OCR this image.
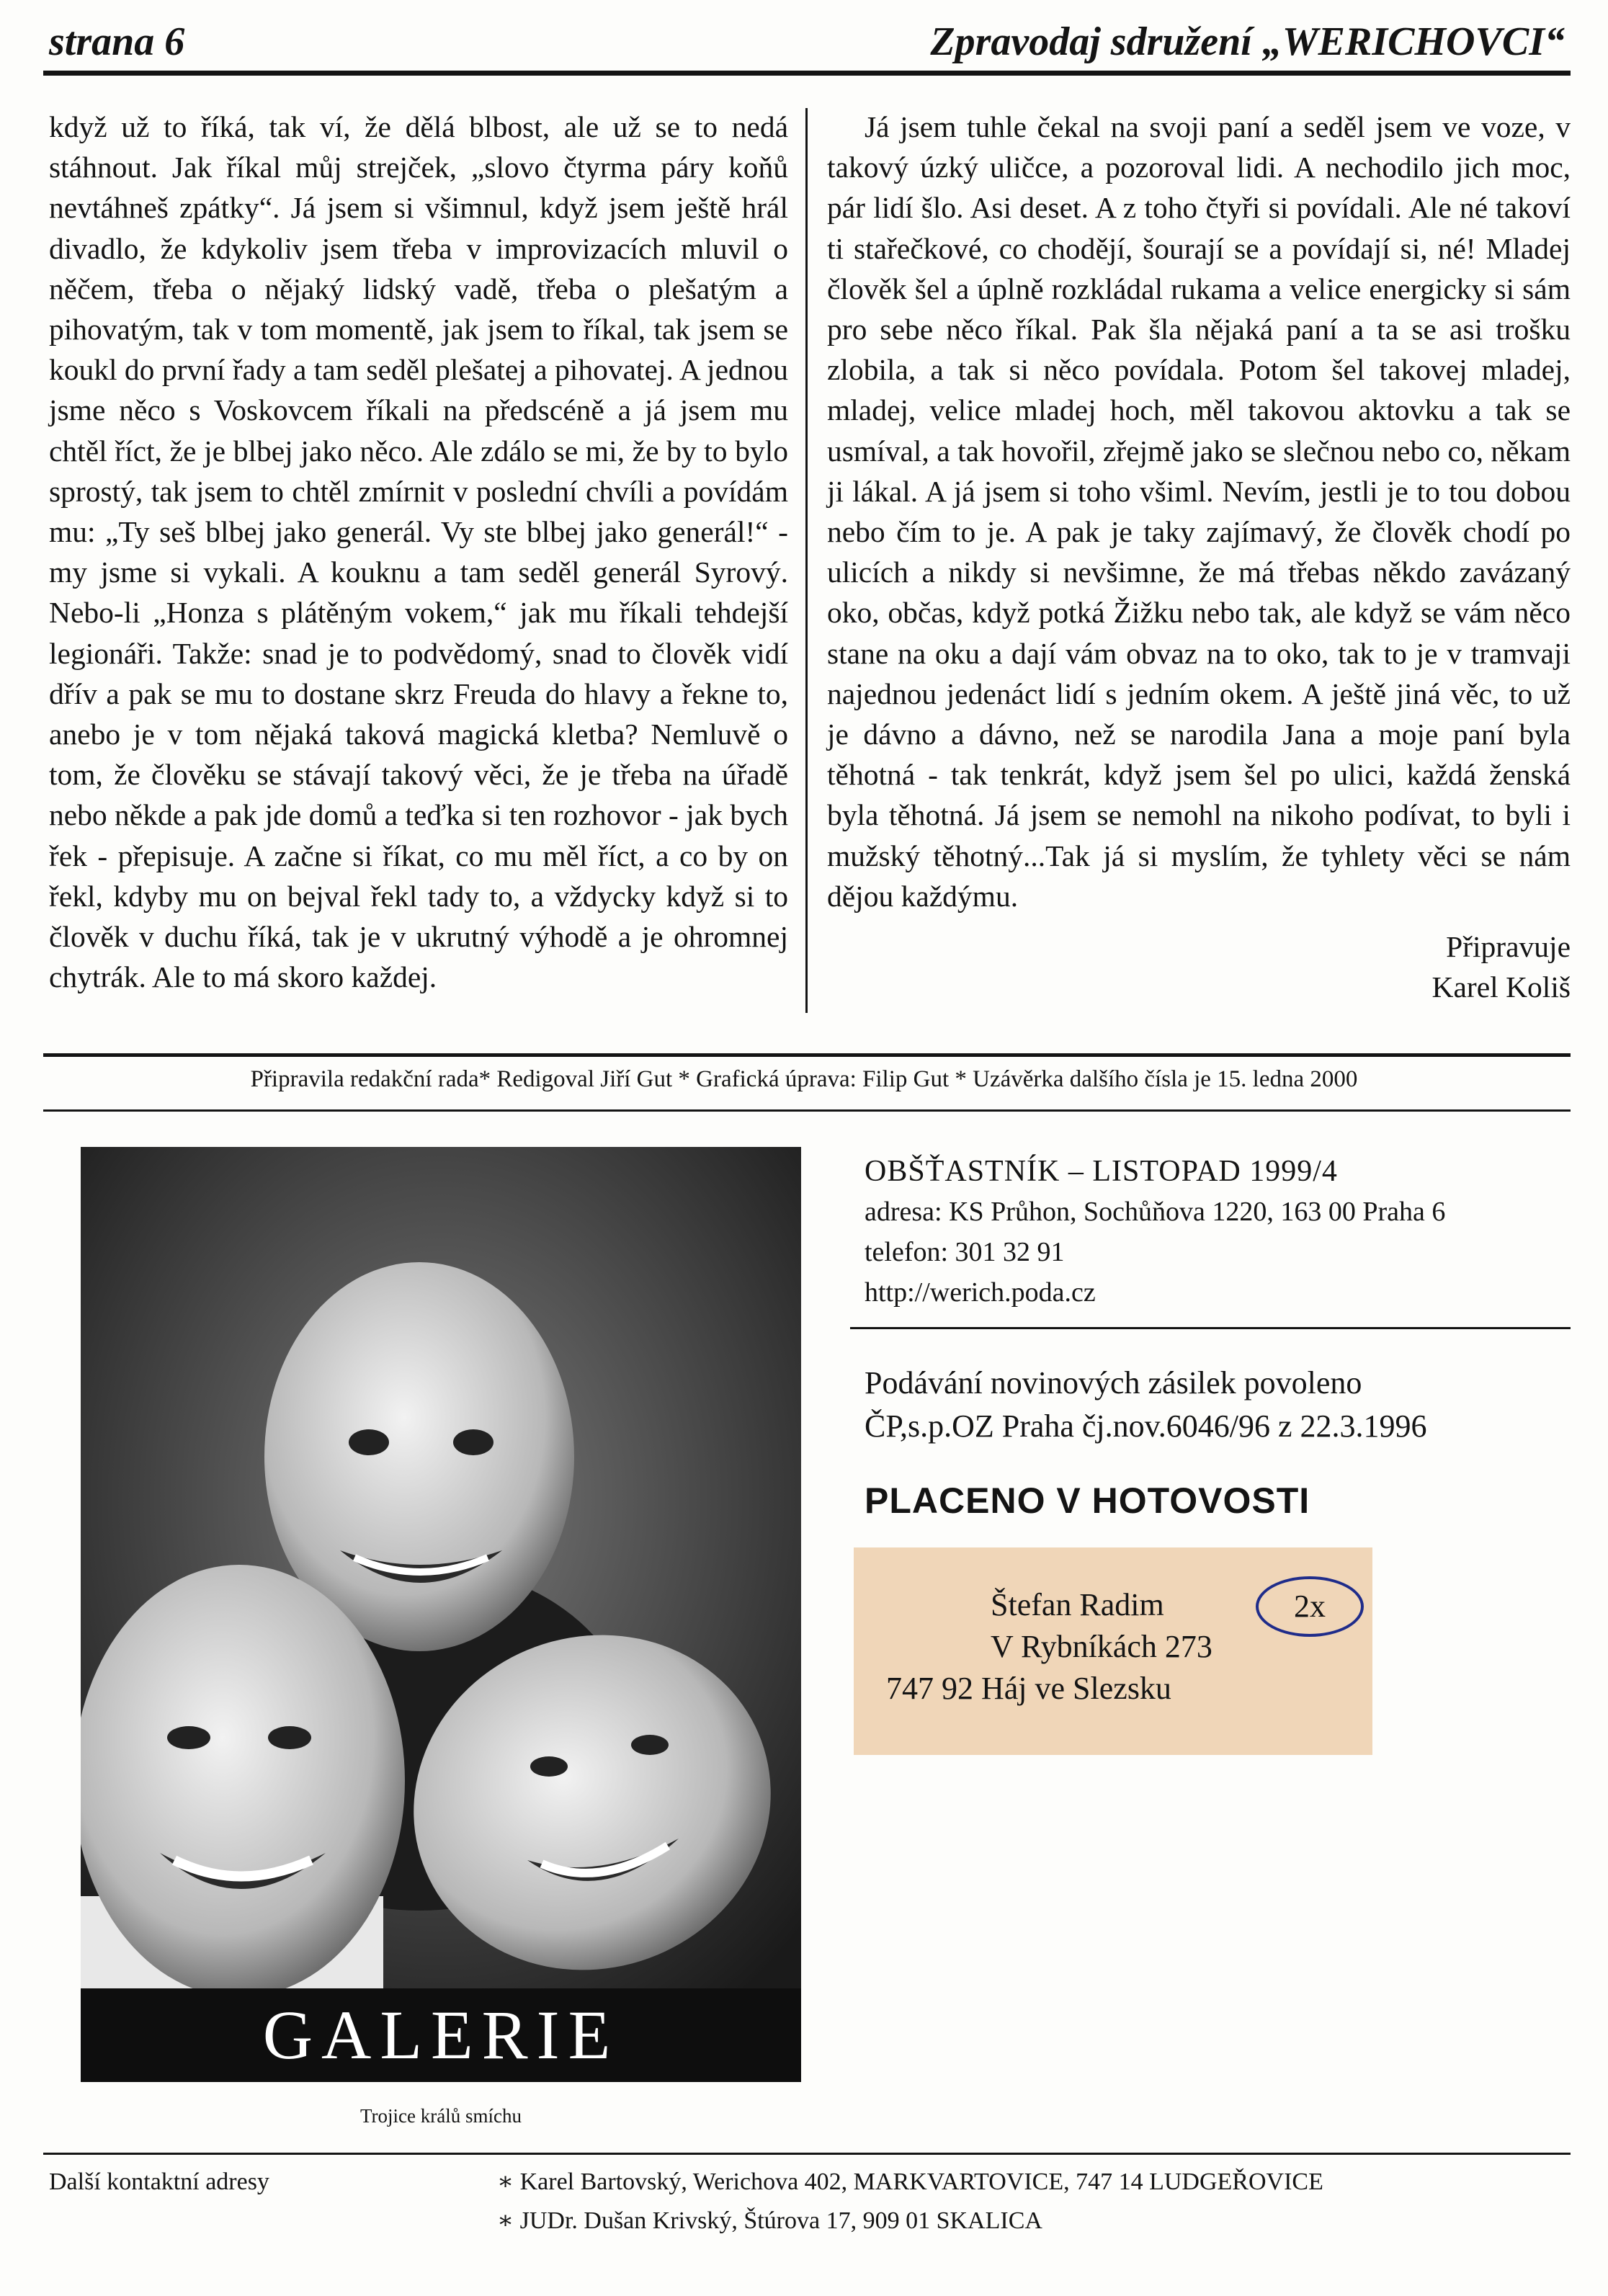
strana 6	Zpravodaj sdružení „WERICHOVCI“

když už to říká, tak ví, že dělá blbost, ale už se to nedá stáhnout. Jak říkal můj strejček, „slovo čtyrma páry koňů nevtáhneš zpátky“. Já jsem si všimnul, když jsem ještě hrál divadlo, že kdykoliv jsem třeba v improvizacích mluvil o něčem, třeba o nějaký lidský vadě, třeba o plešatým a pihovatým, tak v tom momentě, jak jsem to říkal, tak jsem se koukl do první řady a tam seděl plešatej a pihovatej. A jednou jsme něco s Voskovcem říkali na předscéně a já jsem mu chtěl říct, že je blbej jako něco. Ale zdálo se mi, že by to bylo sprostý, tak jsem to chtěl zmírnit v poslední chvíli a povídám mu: „Ty seš blbej jako generál. Vy ste blbej jako generál!“ - my jsme si vykali. A kouknu a tam seděl generál Syrový. Nebo-li „Honza s plátěným vokem,“ jak mu říkali tehdejší legionáři. Takže: snad je to podvědomý, snad to člověk vidí dřív a pak se mu to dostane skrz Freuda do hlavy a řekne to, anebo je v tom nějaká taková magická kletba? Nemluvě o tom, že člověku se stávají takový věci, že je třeba na úřadě nebo někde a pak jde domů a teďka si ten rozhovor - jak bych řek - přepisuje. A začne si říkat, co mu měl říct, a co by on řekl, kdyby mu on bejval řekl tady to, a vždycky když si to člověk v duchu říká, tak je v ukrutný výhodě a je ohromnej chytrák. Ale to má skoro každej.

Já jsem tuhle čekal na svoji paní a seděl jsem ve voze, v takový úzký uličce, a pozoroval lidi. A nechodilo jich moc, pár lidí šlo. Asi deset. A z toho čtyři si povídali. Ale né takoví ti stařečkové, co chodějí, šourají se a povídají si, né! Mladej člověk šel a úplně rozkládal rukama a velice energicky si sám pro sebe něco říkal. Pak šla nějaká paní a ta se asi trošku zlobila, a tak si něco povídala. Potom šel takovej mladej, mladej, velice mladej hoch, měl takovou aktovku a tak se usmíval, a tak hovořil, zřejmě jako se slečnou nebo co, někam ji lákal. A já jsem si toho všiml. Nevím, jestli je to tou dobou nebo čím to je. A pak je taky zajímavý, že člověk chodí po ulicích a nikdy si nevšimne, že má třebas někdo zavázaný oko, občas, když potká Žižku nebo tak, ale když se vám něco stane na oku a dají vám obvaz na to oko, tak to je v tramvaji najednou jedenáct lidí s jedním okem. A ještě jiná věc, to už je dávno a dávno, než se narodila Jana a moje paní byla těhotná - tak tenkrát, když jsem šel po ulici, každá ženská byla těhotná. Já jsem se nemohl na nikoho podívat, to byli i mužský těhotný...Tak já si myslím, že tyhlety věci se nám dějou každýmu.

Připravuje
Karel Koliš
Připravila redakční rada* Redigoval Jiří Gut * Grafická úprava: Filip Gut * Uzávěrka dalšího čísla je 15. ledna 2000
GALERIE
Trojice králů smíchu
OBŠŤASTNÍK – LISTOPAD 1999/4
adresa: KS Průhon, Sochůňova 1220, 163 00 Praha 6
telefon: 301 32 91
http://werich.poda.cz
Podávání novinových zásilek povoleno
ČP,s.p.OZ Praha čj.nov.6046/96 z 22.3.1996
PLACENO V HOTOVOSTI
Štefan Radim
V Rybníkách 273
747 92 Háj ve Slezsku
2x
Další kontaktní adresy	∗ Karel Bartovský, Werichova 402, MARKVARTOVICE, 747 14 LUDGEŘOVICE
∗ JUDr. Dušan Krivský, Štúrova 17, 909 01 SKALICA
